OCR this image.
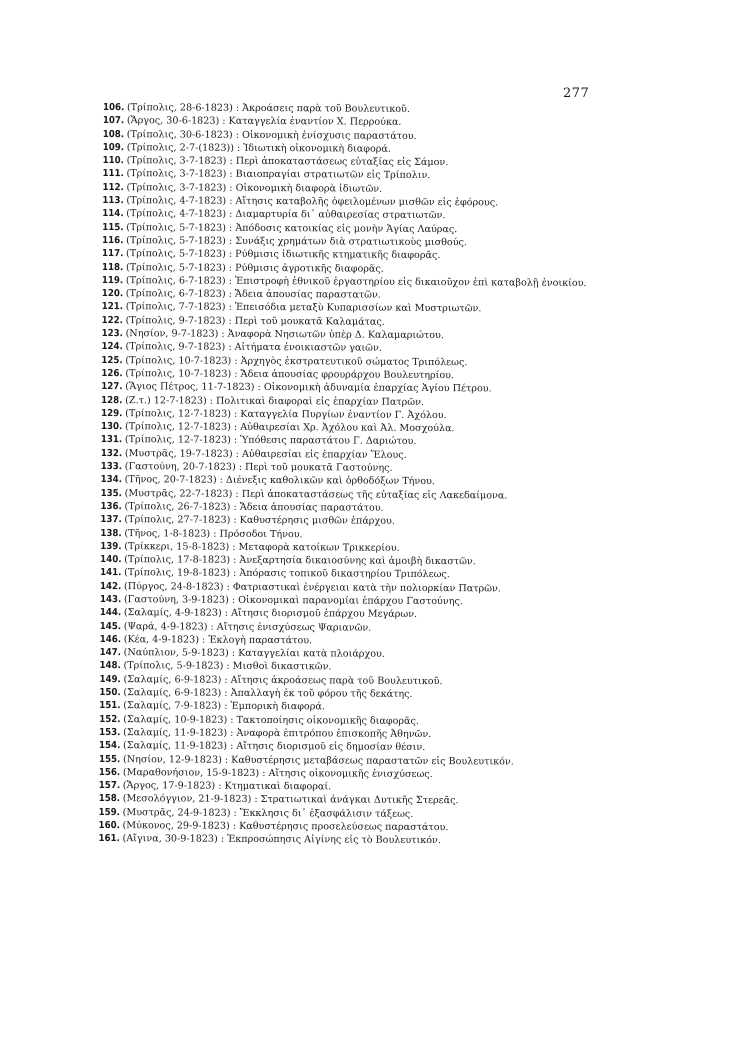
277
106. (Τρίπολις, 28-6-1823) : Ἀκροάσεις παρὰ τοῦ Βουλευτικοῦ.
107. (Ἄργος, 30-6-1823) : Καταγγελία ἐναντίον Χ. Περρούκα.
108. (Τρίπολις, 30-6-1823) : Οἰκονομικὴ ἐνίσχυσις παραστάτου.
109. (Τρίπολις, 2-7-(1823)) : Ἰδιωτικὴ οἰκονομικὴ διαφορά.
110. (Τρίπολις, 3-7-1823) : Περὶ ἀποκαταστάσεως εὐταξίας εἰς Σάμον.
111. (Τρίπολις, 3-7-1823) : Βιαιοπραγίαι στρατιωτῶν εἰς Τρίπολιν.
112. (Τρίπολις, 3-7-1823) : Οἰκονομικὴ διαφορὰ ἰδιωτῶν.
113. (Τρίπολις, 4-7-1823) : Αἴτησις καταβολῆς ὀφειλομένων μισθῶν εἰς ἐφόρους.
114. (Τρίπολις, 4-7-1823) : Διαμαρτυρία δι᾽ αὐθαιρεσίας στρατιωτῶν.
115. (Τρίπολις, 5-7-1823) : Ἀπόδοσις κατοικίας εἰς μονὴν Ἁγίας Λαύρας.
116. (Τρίπολις, 5-7-1823) : Συνάξις χρημάτων διὰ στρατιωτικοὺς μισθούς.
117. (Τρίπολις, 5-7-1823) : Ρύθμισις ἰδιωτικῆς κτηματικῆς διαφορᾶς.
118. (Τρίπολις, 5-7-1823) : Ρύθμισις ἀγροτικῆς διαφορᾶς.
119. (Τρίπολις, 6-7-1823) : Ἐπιστροφὴ ἐθνικοῦ ἐργαστηρίου εἰς δικαιοῦχον ἐπὶ καταβολῇ ἐνοικίου.
120. (Τρίπολις, 6-7-1823) : Ἄδεια ἀπουσίας παραστατῶν.
121. (Τρίπολις, 7-7-1823) : Ἐπεισόδια μεταξὺ Κυπαρισσίων καὶ Μυστριωτῶν.
122. (Τρίπολις, 9-7-1823) : Περὶ τοῦ μουκατᾶ Καλαμάτας.
123. (Νησίον, 9-7-1823) : Ἀναφορὰ Νησιωτῶν ὑπὲρ Δ. Καλαμαριώτου.
124. (Τρίπολις, 9-7-1823) : Αἰτήματα ἐνοικιαστῶν γαιῶν.
125. (Τρίπολις, 10-7-1823) : Ἀρχηγὸς ἐκστρατευτικοῦ σώματος Τριπόλεως.
126. (Τρίπολις, 10-7-1823) : Ἄδεια ἀπουσίας φρουράρχου Βουλευτηρίου.
127. (Ἅγιος Πέτρος, 11-7-1823) : Οἰκονομικὴ ἀδυναμία ἐπαρχίας Ἁγίου Πέτρου.
128. (Ζ.τ.) 12-7-1823) : Πολιτικαὶ διαφοραὶ εἰς ἐπαρχίαν Πατρῶν.
129. (Τρίπολις, 12-7-1823) : Καταγγελία Πυργίων ἐναντίον Γ. Ἀχόλου.
130. (Τρίπολις, 12-7-1823) : Αὐθαιρεσίαι Χρ. Ἀχόλου καὶ Ἀλ. Μοσχούλα.
131. (Τρίπολις, 12-7-1823) : Ὑπόθεσις παραστάτου Γ. Δαριώτου.
132. (Μυστρᾶς, 19-7-1823) : Αὐθαιρεσίαι εἰς ἐπαρχίαν Ἕλους.
133. (Γαστούνη, 20-7-1823) : Περὶ τοῦ μουκατᾶ Γαστούνης.
134. (Τῆνος, 20-7-1823) : Διένεξις καθολικῶν καὶ ὀρθοδόξων Τήνου.
135. (Μυστρᾶς, 22-7-1823) : Περὶ ἀποκαταστάσεως τῆς εὐταξίας εἰς Λακεδαίμονα.
136. (Τρίπολις, 26-7-1823) : Ἄδεια ἀπουσίας παραστάτου.
137. (Τρίπολις, 27-7-1823) : Καθυστέρησις μισθῶν ἐπάρχου.
138. (Τῆνος, 1-8-1823) : Πρόσοδοι Τήνου.
139. (Τρίκκερι, 15-8-1823) : Μεταφορὰ κατοίκων Τρικκερίου.
140. (Τρίπολις, 17-8-1823) : Ἀνεξαρτησία δικαιοσύνης καὶ ἀμοιβὴ δικαστῶν.
141. (Τρίπολις, 19-8-1823) : Ἀπόρασις τοπικοῦ δικαστηρίου Τριπόλεως.
142. (Πύργος, 24-8-1823) : Φατριαστικαὶ ἐνέργειαι κατὰ τὴν πολιορκίαν Πατρῶν.
143. (Γαστούνη, 3-9-1823) : Οἰκονομικαὶ παρανομίαι ἐπάρχου Γαστούνης.
144. (Σαλαμίς, 4-9-1823) : Αἴτησις διορισμοῦ ἐπάρχου Μεγάρων.
145. (Ψαρά, 4-9-1823) : Αἴτησις ἐνισχύσεως Ψαριανῶν.
146. (Κέα, 4-9-1823) : Ἐκλογὴ παραστάτου.
147. (Ναύπλιον, 5-9-1823) : Καταγγελίαι κατὰ πλοιάρχου.
148. (Τρίπολις, 5-9-1823) : Μισθοὶ δικαστικῶν.
149. (Σαλαμίς, 6-9-1823) : Αἴτησις ἀκροάσεως παρὰ τοῦ Βουλευτικοῦ.
150. (Σαλαμίς, 6-9-1823) : Ἀπαλλαγὴ ἐκ τοῦ φόρου τῆς δεκάτης.
151. (Σαλαμίς, 7-9-1823) : Ἐμπορικὴ διαφορά.
152. (Σαλαμίς, 10-9-1823) : Τακτοποίησις οἰκονομικῆς διαφορᾶς.
153. (Σαλαμίς, 11-9-1823) : Ἀναφορὰ ἐπιτρόπου ἐπισκοπῆς Ἀθηνῶν.
154. (Σαλαμίς, 11-9-1823) : Αἴτησις διορισμοῦ εἰς δημοσίαν θέσιν.
155. (Νησίον, 12-9-1823) : Καθυστέρησις μεταβάσεως παραστατῶν εἰς Βουλευτικόν.
156. (Μαραθονήσιον, 15-9-1823) : Αἴτησις οἰκονομικῆς ἐνισχύσεως.
157. (Ἄργος, 17-9-1823) : Κτηματικαὶ διαφοραί.
158. (Μεσολόγγιον, 21-9-1823) : Στρατιωτικαὶ ἀνάγκαι Δυτικῆς Στερεᾶς.
159. (Μυστρᾶς, 24-9-1823) : Ἔκκλησις δι᾽ ἐξασφάλισιν τάξεως.
160. (Μύκονος, 29-9-1823) : Καθυστέρησις προσελεύσεως παραστάτου.
161. (Αἴγινα, 30-9-1823) : Ἐκπροσώπησις Αἰγίνης εἰς τὸ Βουλευτικόν.
